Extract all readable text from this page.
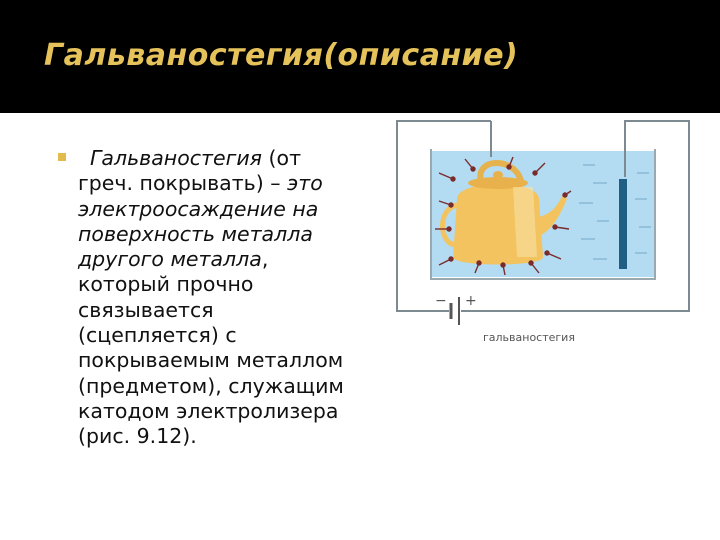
Гальваностегия(описание)

Гальваностегия (от греч. покрывать) – это электроосаждение на поверхность металла другого металла, который прочно связывается (сцепляется) с покрываемым металлом (предметом), служащим катодом электролизера (рис. 9.12).

− +
гальваностегия
